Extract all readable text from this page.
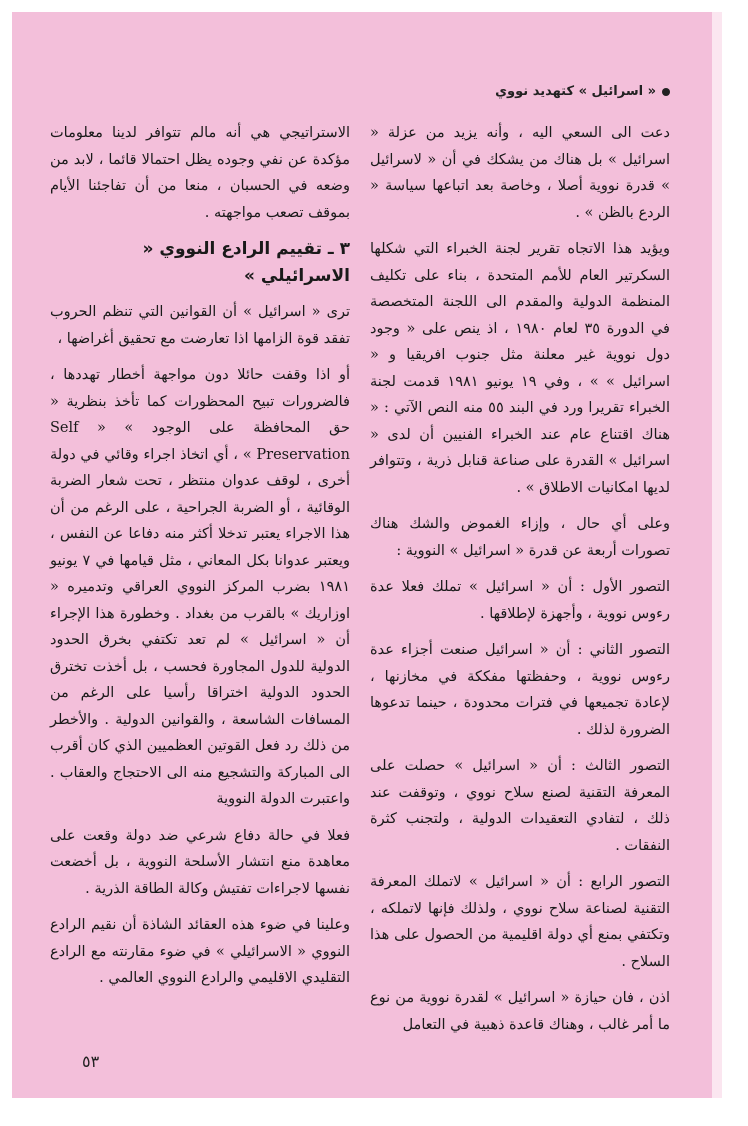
« اسرائيل » كتهديد نووي

دعت الى السعي اليه ، وأنه يزيد من عزلة « اسرائيل » بل هناك من يشكك في أن « لاسرائيل » قدرة نووية أصلا ، وخاصة بعد اتباعها سياسة « الردع بالظن » .

ويؤيد هذا الاتجاه تقرير لجنة الخبراء التي شكلها السكرتير العام للأمم المتحدة ، بناء على تكليف المنظمة الدولية والمقدم الى اللجنة المتخصصة في الدورة ٣٥ لعام ١٩٨٠ ، اذ ينص على « وجود دول نووية غير معلنة مثل جنوب افريقيا و « اسرائيل » » ، وفي ١٩ يونيو ١٩٨١ قدمت لجنة الخبراء تقريرا ورد في البند ٥٥ منه النص الآتي : « هناك اقتناع عام عند الخبراء الفنيين أن لدى « اسرائيل » القدرة على صناعة قنابل ذرية ، وتتوافر لديها امكانيات الاطلاق » .

وعلى أي حال ، وإزاء الغموض والشك هناك تصورات أربعة عن قدرة « اسرائيل » النووية :

التصور الأول : أن « اسرائيل » تملك فعلا عدة رءوس نووية ، وأجهزة لإطلاقها .

التصور الثاني : أن « اسرائيل صنعت أجزاء عدة رءوس نووية ، وحفظتها مفككة في مخازنها ، لإعادة تجميعها في فترات محدودة ، حينما تدعوها الضرورة لذلك .

التصور الثالث : أن « اسرائيل » حصلت على المعرفة التقنية لصنع سلاح نووي ، وتوقفت عند ذلك ، لتفادي التعقيدات الدولية ، ولتجنب كثرة النفقات .

التصور الرابع : أن « اسرائيل » لاتملك المعرفة التقنية لصناعة سلاح نووي ، ولذلك فإنها لاتملكه ، وتكتفي بمنع أي دولة اقليمية من الحصول على هذا السلاح .

اذن ، فان حيازة « اسرائيل » لقدرة نووية من نوع ما أمر غالب ، وهناك قاعدة ذهبية في التعامل

الاستراتيجي هي أنه مالم تتوافر لدينا معلومات مؤكدة عن نفي وجوده يظل احتمالا قائما ، لابد من وضعه في الحسبان ، منعا من أن تفاجئنا الأيام بموقف تصعب مواجهته .

٣ ـ تقييم الرادع النووي « الاسرائيلي »

ترى « اسرائيل » أن القوانين التي تنظم الحروب تفقد قوة الزامها اذا تعارضت مع تحقيق أغراضها ،

أو اذا وقفت حائلا دون مواجهة أخطار تهددها ، فالضرورات تبيح المحظورات كما تأخذ بنظرية « حق المحافظة على الوجود » « Self Preservation » ، أي اتخاذ اجراء وقائي في دولة أخرى ، لوقف عدوان منتظر ، تحت شعار الضربة الوقائية ، أو الضربة الجراحية ، على الرغم من أن هذا الاجراء يعتبر تدخلا أكثر منه دفاعا عن النفس ، ويعتبر عدوانا بكل المعاني ، مثل قيامها في ٧ يونيو ١٩٨١ بضرب المركز النووي العراقي وتدميره « اوزاريك » بالقرب من بغداد . وخطورة هذا الإجراء أن « اسرائيل » لم تعد تكتفي بخرق الحدود الدولية للدول المجاورة فحسب ، بل أخذت تخترق الحدود الدولية اختراقا رأسيا على الرغم من المسافات الشاسعة ، والقوانين الدولية . والأخطر من ذلك رد فعل القوتين العظميين الذي كان أقرب الى المباركة والتشجيع منه الى الاحتجاج والعقاب . واعتبرت الدولة النووية

فعلا في حالة دفاع شرعي ضد دولة وقعت على معاهدة منع انتشار الأسلحة النووية ، بل أخضعت نفسها لاجراءات تفتيش وكالة الطاقة الذرية .

وعلينا في ضوء هذه العقائد الشاذة أن نقيم الرادع النووي « الاسرائيلي » في ضوء مقارنته مع الرادع التقليدي الاقليمي والرادع النووي العالمي .

٥٣
